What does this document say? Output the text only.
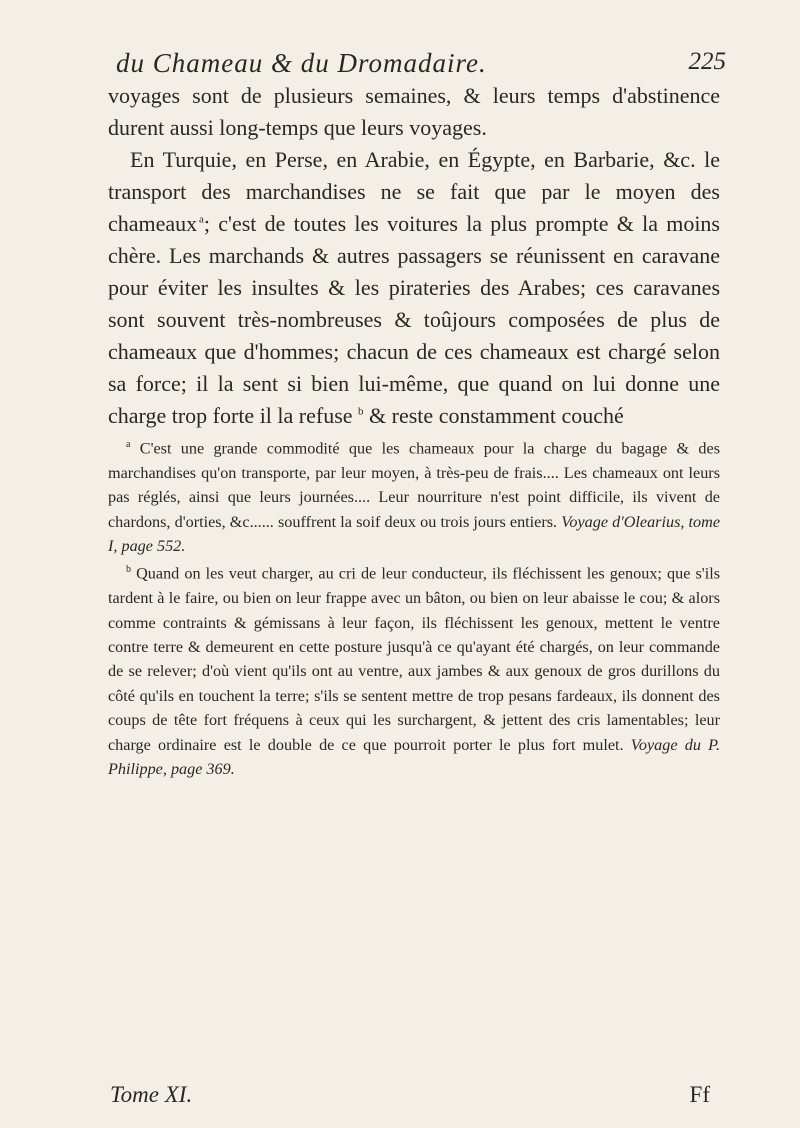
du Chameau & du Dromadaire.	225

voyages sont de plusieurs semaines, & leurs temps d'abstinence durent aussi long-temps que leurs voyages.

En Turquie, en Perse, en Arabie, en Égypte, en Barbarie, &c. le transport des marchandises ne se fait que par le moyen des chameaux  $^a$; c'est de toutes les voitures la plus prompte & la moins chère. Les marchands & autres passagers se réunissent en caravane pour éviter les insultes & les pirateries des Arabes; ces caravanes sont souvent très-nombreuses & toûjours composées de plus de chameaux que d'hommes; chacun de ces chameaux est chargé selon sa force; il la sent si bien lui-même, que quand on lui donne une charge trop forte il la refuse $^b$ & reste constamment couché

$^a$ C'est une grande commodité que les chameaux pour la charge du bagage & des marchandises qu'on transporte, par leur moyen, à très-peu de frais.... Les chameaux ont leurs pas réglés, ainsi que leurs journées.... Leur nourriture n'est point difficile, ils vivent de chardons, d'orties, &c...... souffrent la soif deux ou trois jours entiers. Voyage d'Olearius, tome I, page 552.

$^b$ Quand on les veut charger, au cri de leur conducteur, ils fléchissent les genoux; que s'ils tardent à le faire, ou bien on leur frappe avec un bâton, ou bien on leur abaisse le cou; & alors comme contraints & gémissans à leur façon, ils fléchissent les genoux, mettent le ventre contre terre & demeurent en cette posture jusqu'à ce qu'ayant été chargés, on leur commande de se relever; d'où vient qu'ils ont au ventre, aux jambes & aux genoux de gros durillons du côté qu'ils en touchent la terre; s'ils se sentent mettre de trop pesans fardeaux, ils donnent des coups de tête fort fréquens à ceux qui les surchargent, & jettent des cris lamentables; leur charge ordinaire est le double de ce que pourroit porter le plus fort mulet. Voyage du P. Philippe, page 369.

Tome XI.	Ff
